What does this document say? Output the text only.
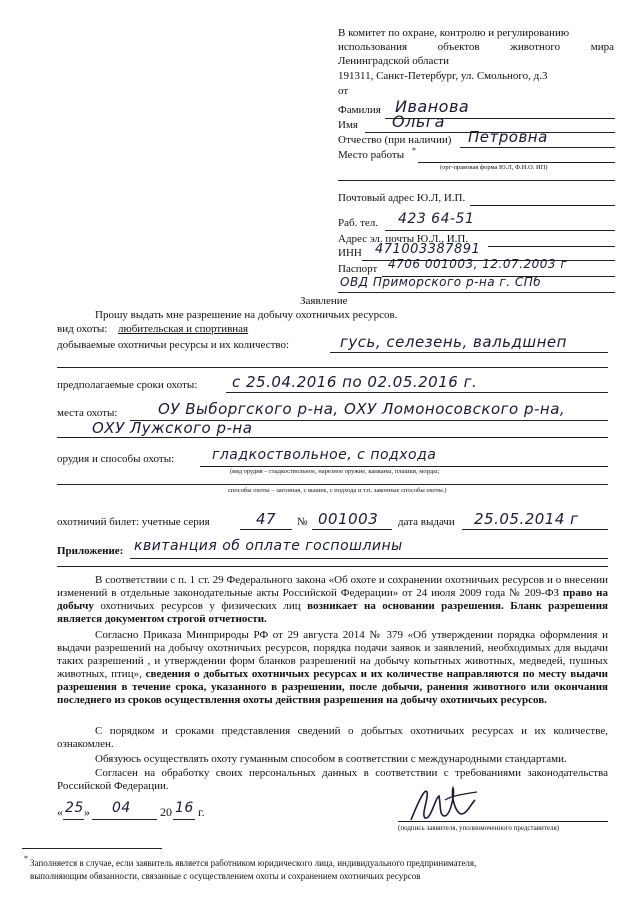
В комитет по охране, контролю и регулированию
использования объектов животного мира
Ленинградской области
191311, Санкт-Петербург, ул. Смольного, д.3
от
Фамилия Иванова
Имя Ольга
Отчество (при наличии) Петровна
Место работы *
(орг-правовая форма Ю.Л, Ф.И.О. ИП)
Почтовый адрес Ю.Л, И.П.
Раб. тел. 423 64-51
Адрес эл. почты Ю.Л., И.П.
ИНН 471003387891
Паспорт 4706 001003, 12.07.2003 г
ОВД Приморского р-на г. СПб
Заявление
Прошу выдать мне разрешение на добычу охотничьих ресурсов.
вид охоты: любительская и спортивная
добываемые охотничьи ресурсы и их количество:	гусь, селезень, вальдшнеп
предполагаемые сроки охоты: с 25.04.2016 по 02.05.2016 г.
места охоты:	ОУ Выборгского р-на, ОХУ Ломоносовского р-на,
ОХУ Лужского р-на
орудия и способы охоты:	гладкоствольное, с подхода
(вид орудия – гладкоствольное, нарезное оружие, капканы, плашки, морды;
способы охоты – загонная, с вышек, с подхода и т.п. законные способы охоты.)
охотничий билет: учетные серия	47 № 001003 дата выдачи 25.05.2014 г
Приложение: квитанция об оплате госпошлины
В соответствии с п. 1 ст. 29 Федерального закона «Об охоте и сохранении охотничьих ресурсов и о внесении изменений в отдельные законодательные акты Российской Федерации» от 24 июля 2009 года № 209-ФЗ право на добычу охотничьих ресурсов у физических лиц возникает на основании разрешения. Бланк разрешения является документом строгой отчетности.
Согласно Приказа Минприроды РФ от 29 августа 2014 № 379 «Об утверждении порядка оформления и выдачи разрешений на добычу охотничьих ресурсов, порядка подачи заявок и заявлений, необходимых для выдачи таких разрешений , и утверждении форм бланков разрешений на добычу копытных животных, медведей, пушных животных, птиц», сведения о добытых охотничьих ресурсах и их количестве направляются по месту выдачи разрешения в течение срока, указанного в разрешении, после добычи, ранения животного или окончания последнего из сроков осуществления охоты действия разрешения на добычу охотничьих ресурсов.
С порядком и сроками представления сведений о добытых охотничьих ресурсах и их количестве, ознакомлен.
Обязуюсь осуществлять охоту гуманным способом в соответствии с международными стандартами.
Согласен на обработку своих персональных данных в соответствии с требованиями законодательства Российской Федерации.
« 25 » 04 20 16 г.
(подпись заявителя, уполномоченного представителя)
* Заполняется в случае, если заявитель является работником юридического лица, индивидуального предпринимателя,
выполняющим обязанности, связанные с осуществлением охоты и сохранением охотничьих ресурсов
